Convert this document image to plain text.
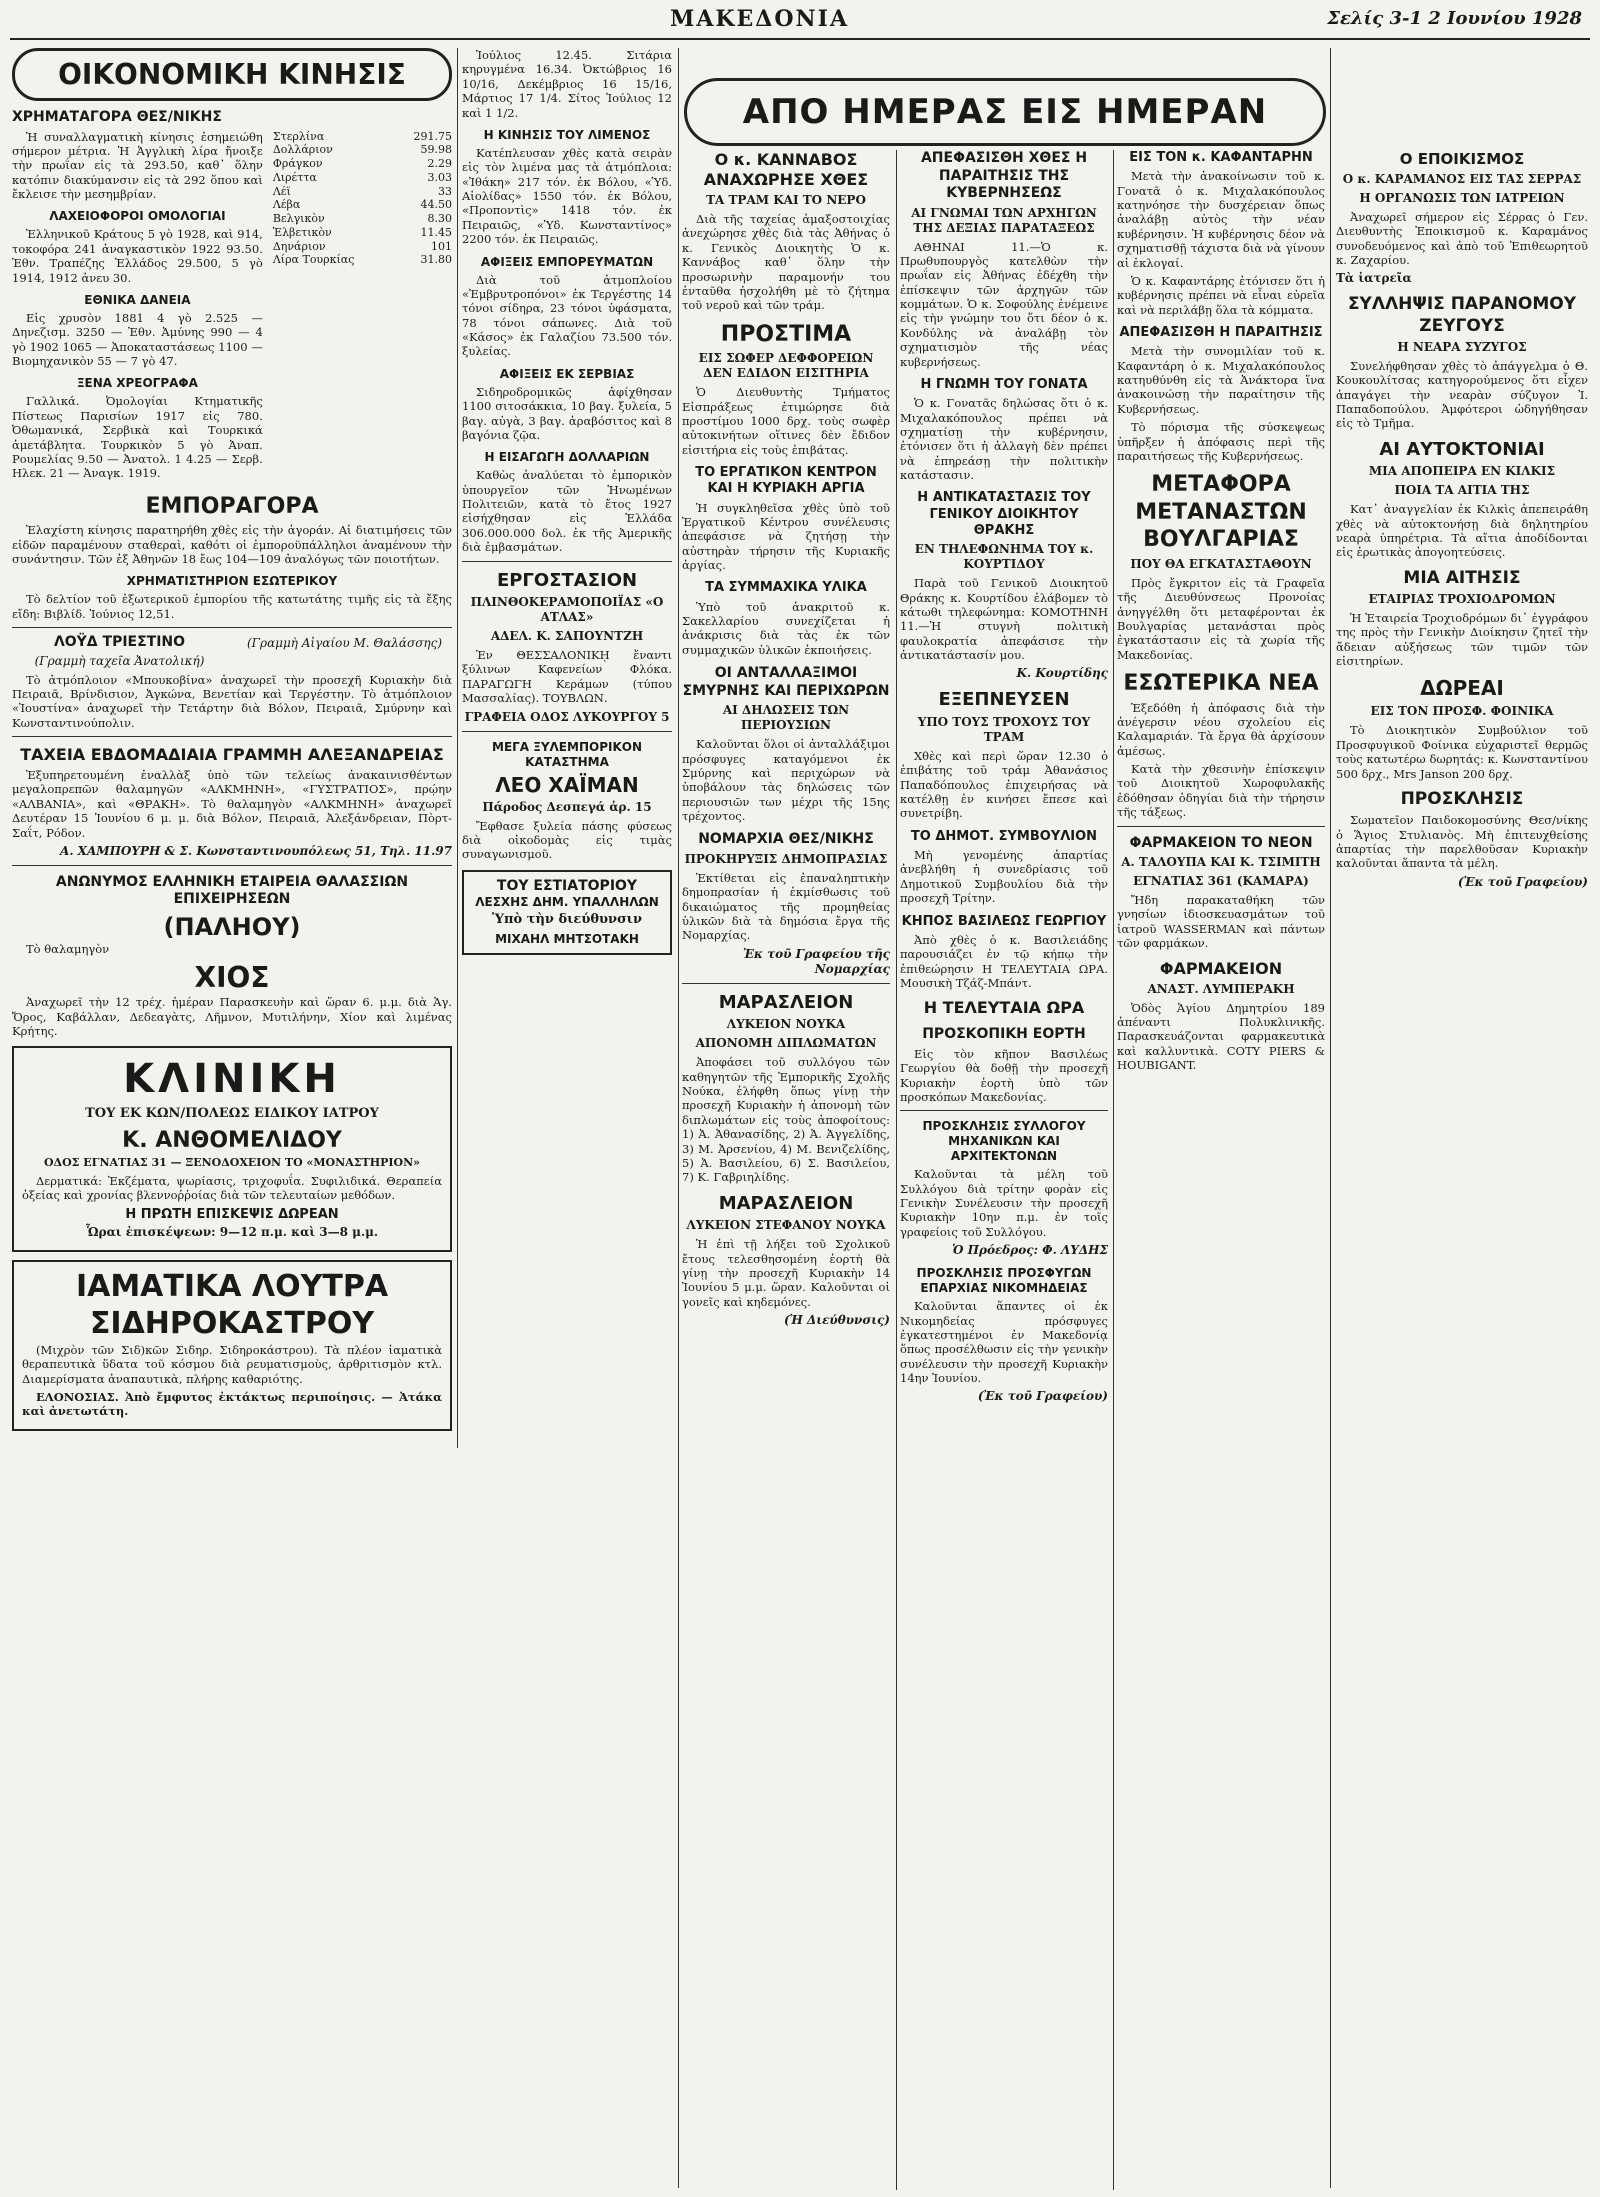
ΜΑΚΕΔΟΝΙΑ	Σελίς 3-1 2 Ιουνίου 1928
ΟΙΚΟΝΟΜΙΚΗ ΚΙΝΗΣΙΣ
ΧΡΗΜΑΤΑΓΟΡΑ ΘΕΣ/ΝΙΚΗΣ

Ἡ συναλλαγματικὴ κίνησις ἐσημειώθη σήμερον μέτρια. Ἡ Ἀγγλικὴ λίρα ἤνοιξε τὴν πρωΐαν εἰς τὰ 293.50, καθ᾽ ὅλην κατόπιν διακύμανσιν εἰς τὰ 292 ὅπου καὶ ἔκλεισε τὴν μεσημβρίαν.

ΛΑΧΕΙΟΦΟΡΟΙ ΟΜΟΛΟΓΙΑΙ

Ἐλληνικοῦ Κράτους 5 γὸ 1928, καὶ 914, τοκοφόρα 241 ἀναγκαστικὸν 1922 93.50. Ἐθν. Τραπέζης Ἑλλάδος 29.500, 5 γὸ 1914, 1912 ἀνευ 30.

ΕΘΝΙΚΑ ΔΑΝΕΙΑ

Εἰς χρυσὸν 1881 4 γὸ 2.525 — Δηνεζισμ. 3250 — Ἐθν. Ἀμύνης 990 — 4 γὸ 1902 1065 — Ἀποκαταστάσεως 1100 — Βιομηχανικὸν 55 — 7 γὸ 47.

ΞΕΝΑ ΧΡΕΟΓΡΑΦΑ

Γαλλικά. Ὀμολογίαι Κτηματικῆς Πίστεως Παρισίων 1917 εἰς 780. Ὀθωμανικά, Σερβικὰ καὶ Τουρκικά ἀμετάβλητα. Τουρκικὸν 5 γὸ Ἀναπ. Ρουμελίας 9.50 — Ἀνατολ. 1 4.25 — Σερβ. Ηλεκ. 21 — Ἀναγκ. 1919.

Στερλίνα	291.75
Δολλάριον	59.98
Φράγκον	2.29
Λιρέττα	3.03
Λέϊ	33
Λέβα	44.50
Βελγικὸν	8.30
Ἑλβετικὸν	11.45
Δηνάριον	101
Λίρα Τουρκίας	31.80
ΕΜΠΟΡΑΓΟΡΑ

Ἐλαχίστη κίνησις παρατηρήθη χθὲς εἰς τὴν ἀγοράν. Αἱ διατιμήσεις τῶν εἰδῶν παραμένουν σταθεραὶ, καθότι οἱ ἐμποροϋπάλληλοι ἀναμένουν τὴν συνάντησιν. Τῶν ἐξ Ἀθηνῶν 18 ἔως 104—109 ἀναλόγως τῶν ποιοτήτων.

ΧΡΗΜΑΤΙΣΤΗΡΙΟΝ ΕΣΩΤΕΡΙΚΟΥ

Τὸ δελτίον τοῦ ἐξωτερικοῦ ἐμπορίου τῆς κατωτάτης τιμῆς εἰς τὰ ἔξης εἴδη: Βιβλίδ. Ἰούνιος 12,51.

ΛΟΫΔ ΤΡΙΕΣΤΙΝΟ
(Γραμμὴ ταχεῖα Ἀνατολική)
(Γραμμὴ Αἰγαίου Μ. Θαλάσσης)

Τὸ ἀτμόπλοιον «Μπουκοβίνα» ἀναχωρεῖ τὴν προσεχῆ Κυριακὴν διὰ Πειραιᾶ, Βρίνδισιον, Ἀγκώνα, Βενετίαν καὶ Τεργέστην. Τὸ ἀτμόπλοιον «Ἰουστίνα» ἀναχωρεῖ τὴν Τετάρτην διὰ Βόλον, Πειραιᾶ, Σμύρνην καὶ Κωνσταντινούπολιν.

ΤΑΧΕΙΑ ΕΒΔΟΜΑΔΙΑΙΑ ΓΡΑΜΜΗ ΑΛΕΞΑΝΔΡΕΙΑΣ

Ἐξυπηρετουμένη ἐναλλὰξ ὑπὸ τῶν τελείως ἀνακαινισθέντων μεγαλοπρεπῶν θαλαμηγῶν «ΑΛΚΜΗΝΗ», «ΓΥΣΤΡΑΤΙΟΣ», πρῴην «ΑΛΒΑΝΙΑ», καὶ «ΘΡΑΚΗ». Τὸ θαλαμηγὸν «ΑΛΚΜΗΝΗ» ἀναχωρεῖ Δευτέραν 15 Ἰουνίου 6 μ. μ. διὰ Βόλον, Πειραιᾶ, Ἀλεξάνδρειαν, Πὸρτ-Σαΐτ, Ρόδον.

Α. ΧΑΜΠΟΥΡΗ & Σ. Κωνσταντινουπόλεως 51, Τηλ. 11.97
ΑΝΩΝΥΜΟΣ ΕΛΛΗΝΙΚΗ ΕΤΑΙΡΕΙΑ ΘΑΛΑΣΣΙΩΝ ΕΠΙΧΕΙΡΗΣΕΩΝ
(ΠΑΛΗΟΥ)

Τὸ θαλαμηγὸν

ΧΙΟΣ

Ἀναχωρεῖ τὴν 12 τρέχ. ἡμέραν Παρασκευὴν καὶ ὥραν 6. μ.μ. διὰ Ἁγ. Ὄρος, Καβάλλαν, Δεδεαγὰτς, Λῆμνον, Μυτιλήνην, Χίον καὶ λιμένας Κρήτης.

ΚΛΙΝΙΚΗ
ΤΟΥ ΕΚ ΚΩΝ/ΠΟΛΕΩΣ ΕΙΔΙΚΟΥ ΙΑΤΡΟΥ
Κ. ΑΝΘΟΜΕΛΙΔΟΥ
ΟΔΟΣ ΕΓΝΑΤΙΑΣ 31 — ΞΕΝΟΔΟΧΕΙΟΝ ΤΟ «ΜΟΝΑΣΤΗΡΙΟΝ»

Δερματικά: Ἐκζέματα, ψωρίασις, τριχοφυΐα. Συφιλιδικά. Θεραπεία ὀξείας καὶ χρονίας βλεννοῤῥοίας διὰ τῶν τελευταίων μεθόδων.

Η ΠΡΩΤΗ ΕΠΙΣΚΕΨΙΣ ΔΩΡΕΑΝ
Ὧραι ἐπισκέψεων: 9—12 π.μ. καὶ 3—8 μ.μ.
ΙΑΜΑΤΙΚΑ ΛΟΥΤΡΑ
ΣΙΔΗΡΟΚΑΣΤΡΟΥ

(Μιχρὸν τῶν Σιδ)κῶν Σιδηρ. Σιδηροκάστρου). Τὰ πλέον ἰαματικὰ θεραπευτικὰ ὕδατα τοῦ κόσμου διὰ ρευματισμοὺς, ἀρθριτισμὸν κτλ. Διαμερίσματα ἀναπαυτικὰ, πλήρης καθαριότης.

ΕΛΟΝΟΣΙΑΣ. Ἀπὸ ἔμφυτος ἐκτάκτως περιποίησις. — Ἀτάκα καὶ ἀνετωτάτη.

Ἰούλιος 12.45. Σιτάρια κηρυγμένα 16.34. Ὀκτώβριος 16 10/16, Δεκέμβριος 16 15/16, Μάρτιος 17 1/4. Σίτος Ἰούλιος 12 καὶ 1 1/2.

Η ΚΙΝΗΣΙΣ ΤΟΥ ΛΙΜΕΝΟΣ

Κατέπλευσαν χθὲς κατὰ σειρὰν εἰς τὸν λιμένα μας τὰ ἀτμόπλοια: «Ἰθάκη» 217 τόν. ἐκ Βόλου, «Ὑδ. Αἰολίδας» 1550 τόν. ἐκ Βόλου, «Προποντὶς» 1418 τόν. ἐκ Πειραιῶς, «Ὑδ. Κωνσταντίνος» 2200 τόν. ἐκ Πειραιῶς.

ΑΦΙΞΕΙΣ ΕΜΠΟΡΕΥΜΑΤΩΝ

Διὰ τοῦ ἀτμοπλοίου «Ἐμβρυτροπόνοι» ἐκ Τεργέστης 14 τόνοι σίδηρα, 23 τόνοι ὑφάσματα, 78 τόνοι σάπωνες. Διὰ τοῦ «Κάσος» ἐκ Γαλαζίου 73.500 τόν. ξυλείας.

ΑΦΙΞΕΙΣ ΕΚ ΣΕΡΒΙΑΣ

Σιδηροδρομικῶς ἀφίχθησαν 1100 σιτοσάκκια, 10 βαγ. ξυλεία, 5 βαγ. αὐγὰ, 3 βαγ. ἀραβόσιτος καὶ 8 βαγόνια ζῷα.

Η ΕΙΣΑΓΩΓΗ ΔΟΛΛΑΡΙΩΝ

Καθὼς ἀναλύεται τὸ ἐμπορικὸν ὑπουργεῖον τῶν Ἡνωμένων Πολιτειῶν, κατὰ τὸ ἔτος 1927 εἰσήχθησαν εἰς Ἑλλάδα 306.000.000 δολ. ἐκ τῆς Ἀμερικῆς διὰ ἐμβασμάτων.

ΕΡΓΟΣΤΑΣΙΟΝ
ΠΛΙΝΘΟΚΕΡΑΜΟΠΟΙΪΑΣ «Ο ΑΤΛΑΣ»
ΑΔΕΛ. Κ. ΣΑΠΟΥΝΤΖΗ

Ἐν ΘΕΣΣΑΛΟΝΙΚῌ ἔναντι ξύλινων Καφενείων Φλόκα. ΠΑΡΑΓΩΓΗ Κεράμων (τύπου Μασσαλίας). ΤΟΥΒΛΩΝ.

ΓΡΑΦΕΙΑ ΟΔΟΣ ΛΥΚΟΥΡΓΟΥ 5
ΜΕΓΑ ΞΥΛΕΜΠΟΡΙΚΟΝ ΚΑΤΑΣΤΗΜΑ
ΛΕΟ ΧΑΪΜΑΝ
Πάροδος Δεσπεγά ἀρ. 15

Ἔφθασε ξυλεία πάσης φύσεως διὰ οἰκοδομὰς εἰς τιμὰς συναγωνισμοῦ.

ΤΟΥ ΕΣΤΙΑΤΟΡΙΟΥ
ΛΕΣΧΗΣ ΔΗΜ. ΥΠΑΛΛΗΛΩΝ
Ὑπὸ τὴν διεύθυνσιν
ΜΙΧΑΗΛ ΜΗΤΣΟΤΑΚΗ
ΑΠΟ ΗΜΕΡΑΣ ΕΙΣ ΗΜΕΡΑΝ
Ο κ. ΚΑΝΝΑΒΟΣ ΑΝΑΧΩΡΗΣΕ ΧΘΕΣ
ΤΑ ΤΡΑΜ ΚΑΙ ΤΟ ΝΕΡΟ

Διὰ τῆς ταχείας ἀμαξοστοιχίας ἀνεχώρησε χθὲς διὰ τὰς Ἀθήνας ὁ κ. Γενικὸς Διοικητὴς Ὁ κ. Καννάβος καθ᾽ ὅλην τὴν προσωρινὴν παραμονήν του ἐνταῦθα ἠσχολήθη μὲ τὸ ζήτημα τοῦ νεροῦ καὶ τῶν τράμ.

ΠΡΟΣΤΙΜΑ
ΕΙΣ ΣΩΦΕΡ ΔΕΦΦΟΡΕΙΩΝ ΔΕΝ ΕΔΙΔΟΝ ΕΙΣΙΤΗΡΙΑ

Ὁ Διευθυντὴς Τμήματος Εἰσπράξεως ἐτιμώρησε διὰ προστίμου 1000 δρχ. τοὺς σωφὲρ αὐτοκινήτων οἵτινες δὲν ἔδιδον εἰσιτήρια εἰς τοὺς ἐπιβάτας.

ΤΟ ΕΡΓΑΤΙΚΟΝ ΚΕΝΤΡΟΝ ΚΑΙ Η ΚΥΡΙΑΚΗ ΑΡΓΙΑ

Ἡ συγκληθεῖσα χθὲς ὑπὸ τοῦ Ἐργατικοῦ Κέντρου συνέλευσις ἀπεφάσισε νὰ ζητήσῃ τὴν αὐστηρὰν τήρησιν τῆς Κυριακῆς ἀργίας.

ΤΑ ΣΥΜΜΑΧΙΚΑ ΥΛΙΚΑ

Ὑπὸ τοῦ ἀνακριτοῦ κ. Σακελλαρίου συνεχίζεται ἡ ἀνάκρισις διὰ τὰς ἐκ τῶν συμμαχικῶν ὑλικῶν ἐκποιήσεις.

ΟΙ ΑΝΤΑΛΛΑΞΙΜΟΙ ΣΜΥΡΝΗΣ ΚΑΙ ΠΕΡΙΧΩΡΩΝ
ΑΙ ΔΗΛΩΣΕΙΣ ΤΩΝ ΠΕΡΙΟΥΣΙΩΝ

Καλοῦνται ὅλοι οἱ ἀνταλλάξιμοι πρόσφυγες καταγόμενοι ἐκ Σμύρνης καὶ περιχώρων νὰ ὑποβάλουν τὰς δηλώσεις τῶν περιουσιῶν των μέχρι τῆς 15ης τρέχοντος.

ΝΟΜΑΡΧΙΑ ΘΕΣ/ΝΙΚΗΣ
ΠΡΟΚΗΡΥΞΙΣ ΔΗΜΟΠΡΑΣΙΑΣ

Ἐκτίθεται εἰς ἐπαναληπτικὴν δημοπρασίαν ἡ ἐκμίσθωσις τοῦ δικαιώματος τῆς προμηθείας ὑλικῶν διὰ τὰ δημόσια ἔργα τῆς Νομαρχίας.

Ἐκ τοῦ Γραφείου τῆς Νομαρχίας
ΜΑΡΑΣΛΕΙΟΝ
ΛΥΚΕΙΟΝ ΝΟΥΚΑ
ΑΠΟΝΟΜΗ ΔΙΠΛΩΜΑΤΩΝ

Ἀποφάσει τοῦ συλλόγου τῶν καθηγητῶν τῆς Ἐμπορικῆς Σχολῆς Νούκα, ἐλήφθη ὅπως γίνῃ τὴν προσεχῆ Κυριακὴν ἡ ἀπονομὴ τῶν διπλωμάτων εἰς τοὺς ἀποφοίτους: 1) Ἀ. Ἀθανασίδης, 2) Ἀ. Ἀγγελίδης, 3) Μ. Ἀρσενίου, 4) Μ. Βενιζελίδης, 5) Ἀ. Βασιλείου, 6) Σ. Βασιλείου, 7) Κ. Γαβριηλίδης.

ΜΑΡΑΣΛΕΙΟΝ
ΛΥΚΕΙΟΝ ΣΤΕΦΑΝΟΥ ΝΟΥΚΑ

Ἡ ἐπὶ τῇ λήξει τοῦ Σχολικοῦ ἔτους τελεσθησομένη ἑορτὴ θὰ γίνῃ τὴν προσεχῆ Κυριακὴν 14 Ἰουνίου 5 μ.μ. ὥραν. Καλοῦνται οἱ γονεῖς καὶ κηδεμόνες.

(Ἡ Διεύθυνσις)
ΑΠΕΦΑΣΙΣΘΗ ΧΘΕΣ Η ΠΑΡΑΙΤΗΣΙΣ ΤΗΣ ΚΥΒΕΡΝΗΣΕΩΣ
ΑΙ ΓΝΩΜΑΙ ΤΩΝ ΑΡΧΗΓΩΝ ΤΗΣ ΔΕΞΙΑΣ ΠΑΡΑΤΑΞΕΩΣ

ΑΘΗΝΑΙ 11.—Ὁ κ. Πρωθυπουργὸς κατελθὼν τὴν πρωΐαν εἰς Ἀθήνας ἐδέχθη τὴν ἐπίσκεψιν τῶν ἀρχηγῶν τῶν κομμάτων. Ὁ κ. Σοφούλης ἐνέμεινε εἰς τὴν γνώμην του ὅτι δέον ὁ κ. Κονδύλης νὰ ἀναλάβῃ τὸν σχηματισμὸν τῆς νέας κυβερνήσεως.

Η ΓΝΩΜΗ ΤΟΥ ΓΟΝΑΤΑ

Ὁ κ. Γονατᾶς δηλώσας ὅτι ὁ κ. Μιχαλακόπουλος πρέπει νὰ σχηματίσῃ τὴν κυβέρνησιν, ἐτόνισεν ὅτι ἡ ἀλλαγὴ δὲν πρέπει νὰ ἐπηρεάσῃ τὴν πολιτικὴν κατάστασιν.

Η ΑΝΤΙΚΑΤΑΣΤΑΣΙΣ ΤΟΥ ΓΕΝΙΚΟΥ ΔΙΟΙΚΗΤΟΥ ΘΡΑΚΗΣ
ΕΝ ΤΗΛΕΦΩΝΗΜΑ ΤΟΥ κ. ΚΟΥΡΤΙΔΟΥ

Παρὰ τοῦ Γενικοῦ Διοικητοῦ Θράκης κ. Κουρτίδου ἐλάβομεν τὸ κάτωθι τηλεφώνημα: ΚΟΜΟΤΗΝΗ 11.—Ἡ στυγνὴ πολιτικὴ φαυλοκρατία ἀπεφάσισε τὴν ἀντικατάστασίν μου.

Κ. Κουρτίδης
ΕΞΕΠΝΕΥΣΕΝ
ΥΠΟ ΤΟΥΣ ΤΡΟΧΟΥΣ ΤΟΥ ΤΡΑΜ

Χθὲς καὶ περὶ ὥραν 12.30 ὁ ἐπιβάτης τοῦ τράμ Ἀθανάσιος Παπαδόπουλος ἐπιχειρήσας νὰ κατέλθῃ ἐν κινήσει ἔπεσε καὶ συνετρίβη.

ΤΟ ΔΗΜΟΤ. ΣΥΜΒΟΥΛΙΟΝ

Μὴ γενομένης ἀπαρτίας ἀνεβλήθη ἡ συνεδρίασις τοῦ Δημοτικοῦ Συμβουλίου διὰ τὴν προσεχῆ Τρίτην.

ΚΗΠΟΣ ΒΑΣΙΛΕΩΣ ΓΕΩΡΓΙΟΥ

Ἀπὸ χθὲς ὁ κ. Βασιλειάδης παρουσιάζει ἐν τῷ κήπῳ τὴν ἐπιθεώρησιν Η ΤΕΛΕΥΤΑΙΑ ΩΡΑ. Μουσικὴ Τζάζ-Μπάντ.

Η ΤΕΛΕΥΤΑΙΑ ΩΡΑ
ΠΡΟΣΚΟΠΙΚΗ ΕΟΡΤΗ

Εἰς τὸν κῆπον Βασιλέως Γεωργίου θὰ δοθῇ τὴν προσεχῆ Κυριακὴν ἑορτὴ ὑπὸ τῶν προσκόπων Μακεδονίας.

ΠΡΟΣΚΛΗΣΙΣ ΣΥΛΛΟΓΟΥ ΜΗΧΑΝΙΚΩΝ ΚΑΙ ΑΡΧΙΤΕΚΤΟΝΩΝ

Καλοῦνται τὰ μέλη τοῦ Συλλόγου διὰ τρίτην φορὰν εἰς Γενικὴν Συνέλευσιν τὴν προσεχῆ Κυριακὴν 10ην π.μ. ἐν τοῖς γραφείοις τοῦ Συλλόγου.

Ὁ Πρόεδρος: Φ. ΛΥΔΗΣ
ΠΡΟΣΚΛΗΣΙΣ ΠΡΟΣΦΥΓΩΝ ΕΠΑΡΧΙΑΣ ΝΙΚΟΜΗΔΕΙΑΣ

Καλοῦνται ἅπαντες οἱ ἐκ Νικομηδείας πρόσφυγες ἐγκατεστημένοι ἐν Μακεδονίᾳ ὅπως προσέλθωσιν εἰς τὴν γενικὴν συνέλευσιν τὴν προσεχῆ Κυριακὴν 14ην Ἰουνίου.

(Ἐκ τοῦ Γραφείου)
ΕΙΣ ΤΟΝ κ. ΚΑΦΑΝΤΑΡΗΝ

Μετὰ τὴν ἀνακοίνωσιν τοῦ κ. Γονατᾶ ὁ κ. Μιχαλακόπουλος κατηνόησε τὴν δυσχέρειαν ὅπως ἀναλάβῃ αὐτὸς τὴν νέαν κυβέρνησιν. Ἡ κυβέρνησις δέον νὰ σχηματισθῇ τάχιστα διὰ νὰ γίνουν αἱ ἐκλογαί.

Ὁ κ. Καφαντάρης ἐτόνισεν ὅτι ἡ κυβέρνησις πρέπει νὰ εἶναι εὐρεῖα καὶ νὰ περιλάβῃ ὅλα τὰ κόμματα.

ΑΠΕΦΑΣΙΣΘΗ Η ΠΑΡΑΙΤΗΣΙΣ

Μετὰ τὴν συνομιλίαν τοῦ κ. Καφαντάρη ὁ κ. Μιχαλακόπουλος κατηυθύνθη εἰς τὰ Ἀνάκτορα ἵνα ἀνακοινώσῃ τὴν παραίτησιν τῆς Κυβερνήσεως.

Τὸ πόρισμα τῆς σύσκεψεως ὑπῆρξεν ἡ ἀπόφασις περὶ τῆς παραιτήσεως τῆς Κυβερνήσεως.

ΜΕΤΑΦΟΡΑ ΜΕΤΑΝΑΣΤΩΝ ΒΟΥΛΓΑΡΙΑΣ
ΠΟΥ ΘΑ ΕΓΚΑΤΑΣΤΑΘΟΥΝ

Πρὸς ἔγκριτον εἰς τὰ Γραφεῖα τῆς Διευθύνσεως Προνοίας ἀνηγγέλθη ὅτι μεταφέρονται ἐκ Βουλγαρίας μετανάσται πρὸς ἐγκατάστασιν εἰς τὰ χωρία τῆς Μακεδονίας.

ΕΣΩΤΕΡΙΚΑ ΝΕΑ

Ἐξεδόθη ἡ ἀπόφασις διὰ τὴν ἀνέγερσιν νέου σχολείου εἰς Καλαμαριάν. Τὰ ἔργα θὰ ἀρχίσουν ἀμέσως.

Κατὰ τὴν χθεσινὴν ἐπίσκεψιν τοῦ Διοικητοῦ Χωροφυλακῆς ἐδόθησαν ὁδηγίαι διὰ τὴν τήρησιν τῆς τάξεως.

ΦΑΡΜΑΚΕΙΟΝ ΤΟ ΝΕΟΝ
Α. ΤΑΛΟΥΠΑ ΚΑΙ Κ. ΤΣΙΜΙΤΗ
ΕΓΝΑΤΙΑΣ 361 (ΚΑΜΑΡΑ)

Ἤδη παρακαταθήκη τῶν γνησίων ἰδιοσκευασμάτων τοῦ ἰατροῦ WASSERMAN καὶ πάντων τῶν φαρμάκων.

ΦΑΡΜΑΚΕΙΟΝ
ΑΝΑΣΤ. ΛΥΜΠΕΡΑΚΗ

Ὁδὸς Ἁγίου Δημητρίου 189 ἀπέναντι Πολυκλινικῆς. Παρασκευάζονται φαρμακευτικὰ καὶ καλλυντικὰ. COTY PIERS & HOUBIGANT.

Ο ΕΠΟΙΚΙΣΜΟΣ
Ο κ. ΚΑΡΑΜΑΝΟΣ ΕΙΣ ΤΑΣ ΣΕΡΡΑΣ
Η ΟΡΓΑΝΩΣΙΣ ΤΩΝ ΙΑΤΡΕΙΩΝ

Ἀναχωρεῖ σήμερον εἰς Σέρρας ὁ Γεν. Διευθυντὴς Ἐποικισμοῦ κ. Καραμάνος συνοδευόμενος καὶ ἀπὸ τοῦ Ἐπιθεωρητοῦ κ. Ζαχαρίου.

Τὰ ἰατρεῖα
ΣΥΛΛΗΨΙΣ ΠΑΡΑΝΟΜΟΥ ΖΕΥΓΟΥΣ
Η ΝΕΑΡΑ ΣΥΖΥΓΟΣ

Συνελήφθησαν χθὲς τὸ ἀπάγγελμα ὁ Θ. Κουκουλίτσας κατηγορούμενος ὅτι εἶχεν ἀπαγάγει τὴν νεαρὰν σύζυγον Ἰ. Παπαδοπούλου. Ἀμφότεροι ὡδηγήθησαν εἰς τὸ Τμῆμα.

ΑΙ ΑΥΤΟΚΤΟΝΙΑΙ
ΜΙΑ ΑΠΟΠΕΙΡΑ ΕΝ ΚΙΛΚΙΣ
ΠΟΙΑ ΤΑ ΑΙΤΙΑ ΤΗΣ

Κατ᾽ ἀναγγελίαν ἐκ Κιλκὶς ἀπεπειράθη χθὲς νὰ αὐτοκτονήσῃ διὰ δηλητηρίου νεαρὰ ὑπηρέτρια. Τὰ αἴτια ἀποδίδονται εἰς ἐρωτικὰς ἀπογοητεύσεις.

ΜΙΑ ΑΙΤΗΣΙΣ
ΕΤΑΙΡΙΑΣ ΤΡΟΧΙΟΔΡΟΜΩΝ

Ἡ Ἑταιρεία Τροχιοδρόμων δι᾽ ἐγγράφου της πρὸς τὴν Γενικὴν Διοίκησιν ζητεῖ τὴν ἄδειαν αὐξήσεως τῶν τιμῶν τῶν εἰσιτηρίων.

ΔΩΡΕΑΙ
ΕΙΣ ΤΟΝ ΠΡΟΣΦ. ΦΟΙΝΙΚΑ

Τὸ Διοικητικὸν Συμβούλιον τοῦ Προσφυγικοῦ Φοίνικα εὐχαριστεῖ θερμῶς τοὺς κατωτέρω δωρητάς: κ. Κωνσταντίνου 500 δρχ., Mrs Janson 200 δρχ.

ΠΡΟΣΚΛΗΣΙΣ

Σωματεῖον Παιδοκομοσύνης Θεσ/νίκης ὁ Ἅγιος Στυλιανὸς. Μὴ ἐπιτευχθείσης ἀπαρτίας τὴν παρελθοῦσαν Κυριακὴν καλοῦνται ἅπαντα τὰ μέλη.

(Ἐκ τοῦ Γραφείου)
